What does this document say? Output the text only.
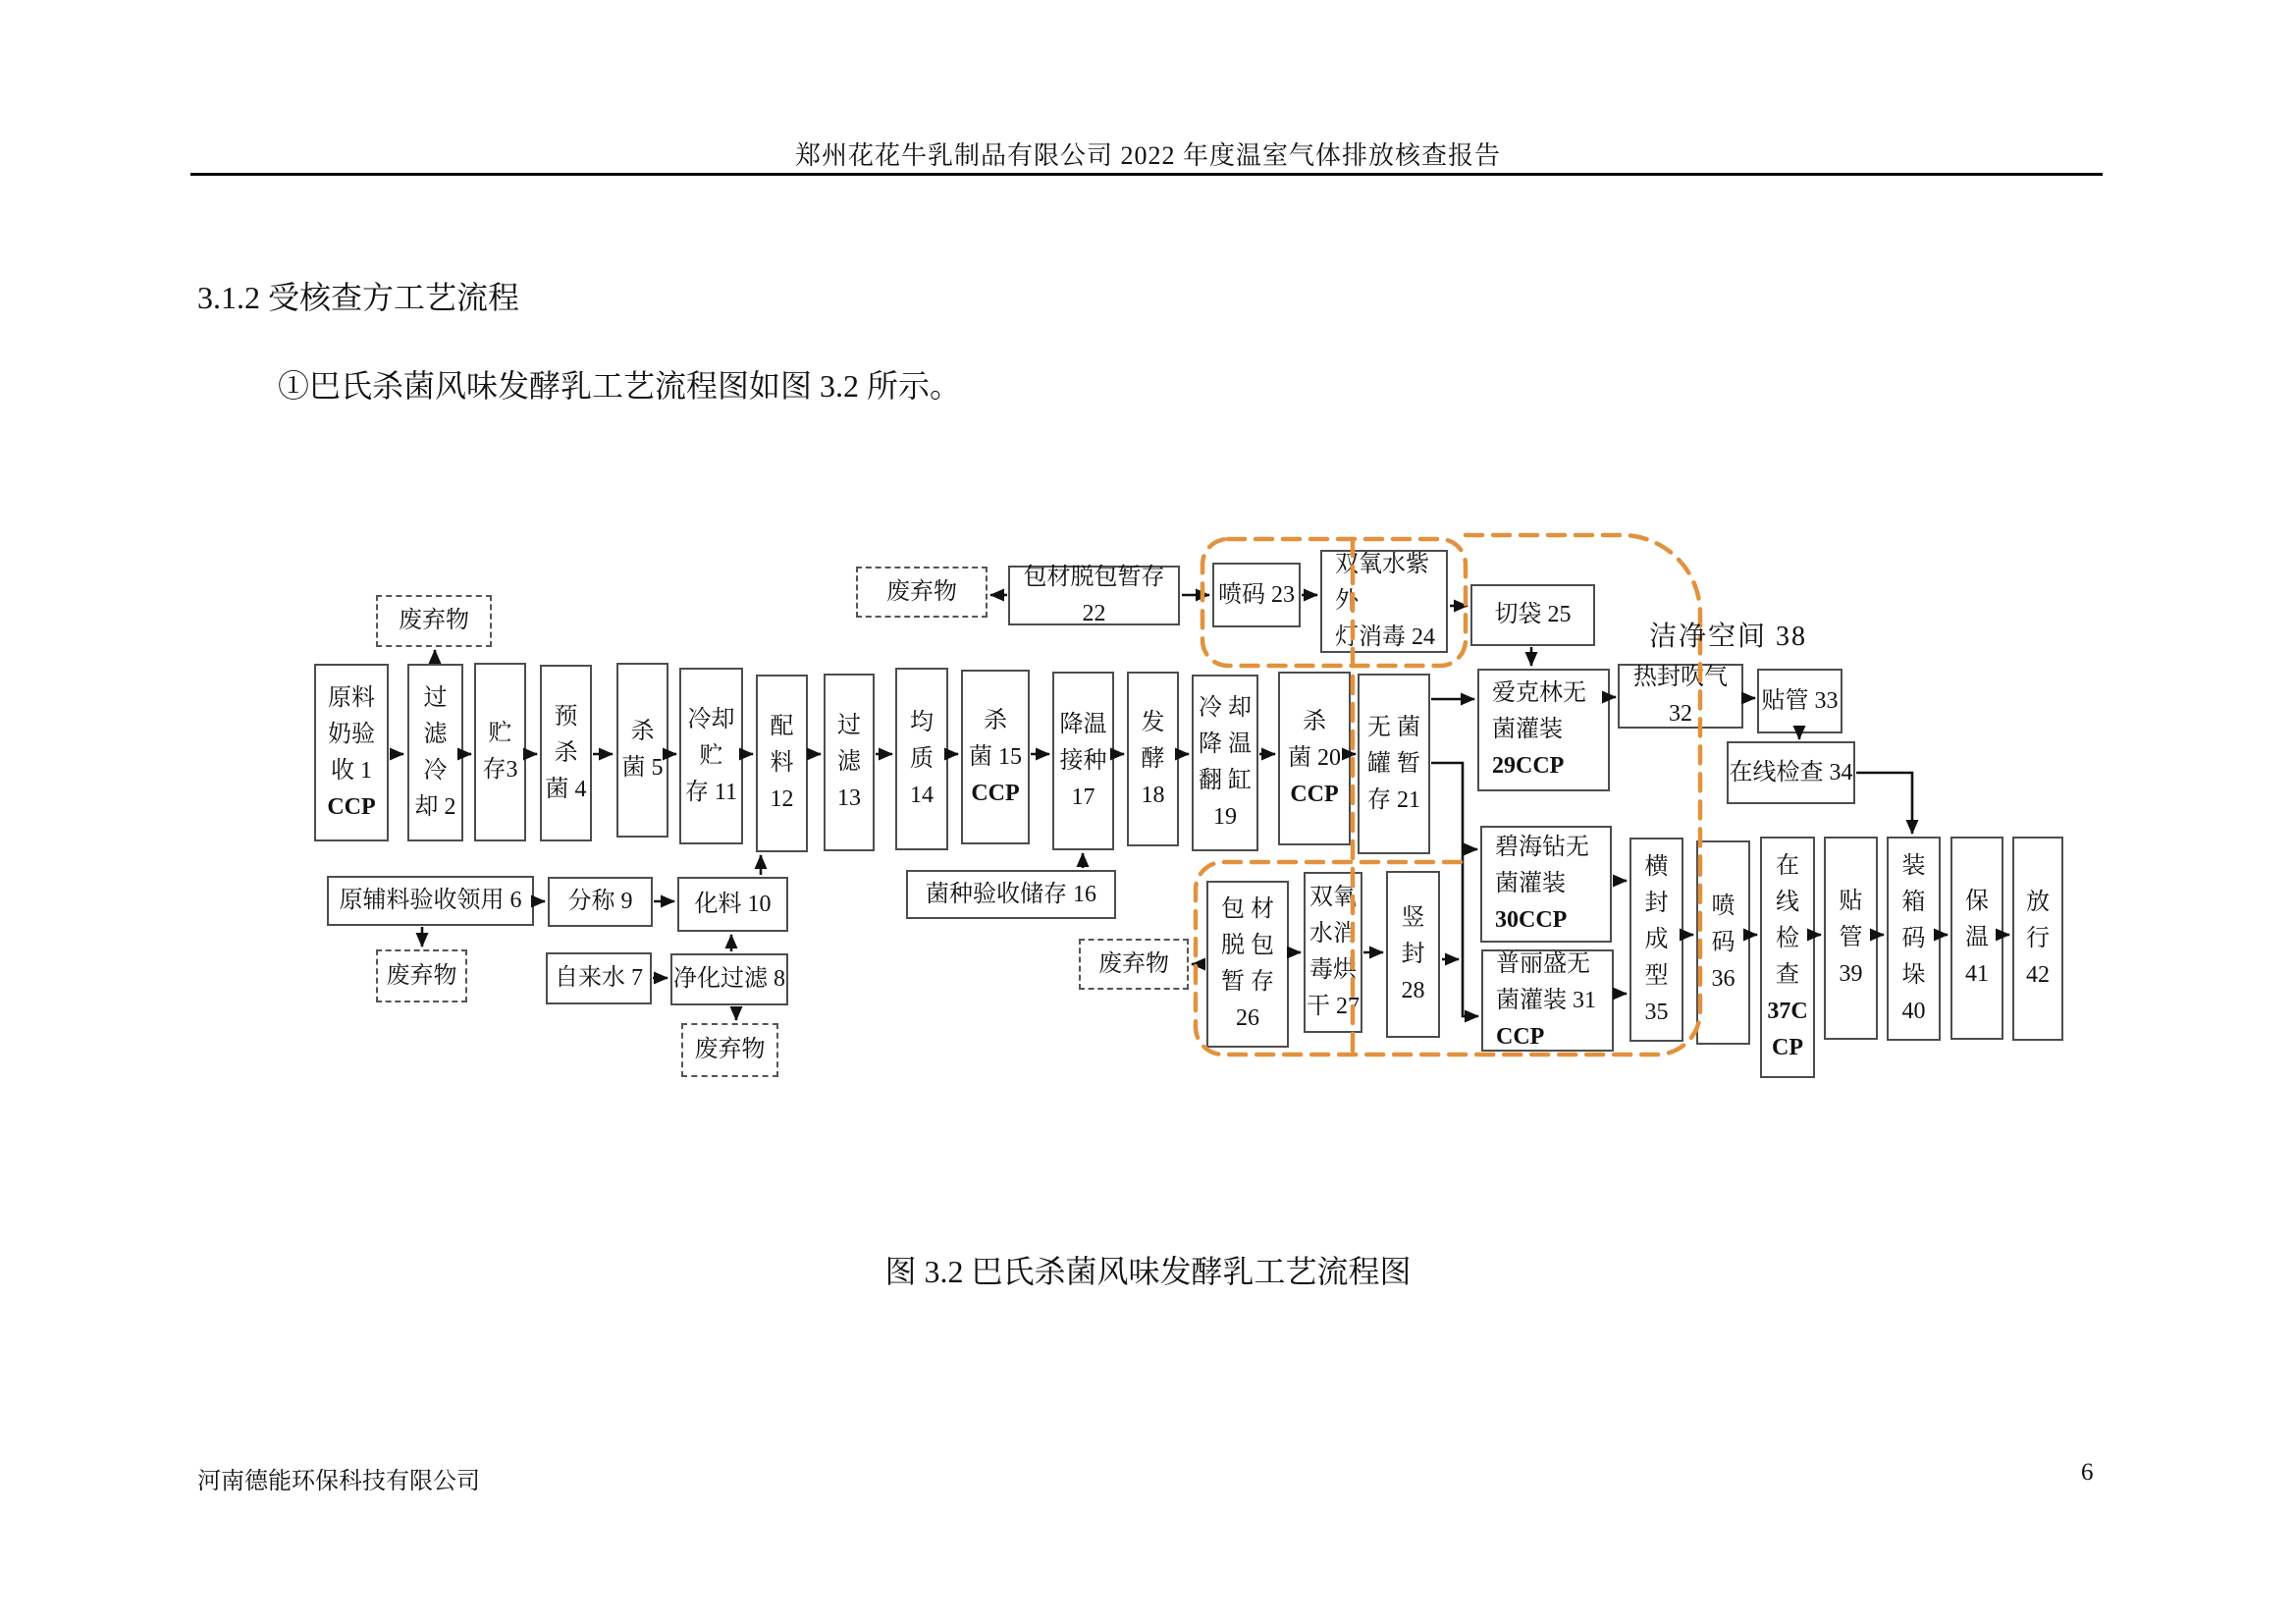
郑州花花牛乳制品有限公司 2022 年度温室气体排放核查报告
3.1.2 受核查方工艺流程
①巴氏杀菌风味发酵乳工艺流程图如图 3.2 所示。
洁净空间 38
原料
奶验
收 1
CCP
过
滤
冷
却 2
贮
存3
预
杀
菌 4
杀
菌 5
冷却
贮
存 11
配
料
12
过
滤
13
均
质
14
杀
菌 15
CCP
降温
接种
17
发
酵
18
冷 却
降 温
翻 缸
19
杀
菌 20
CCP
无 菌
罐 暂
存 21
包材脱包暂存 22
喷码 23
双氧水紫外
灯消毒 24
切袋 25
爱克林无
菌灌装
29CCP
热封吹气 32
贴管 33
在线检查 34
菌种验收储存 16
包 材
脱 包
暂 存
26
双氧
水消
毒烘
干 27
竖
封
28
碧海钻无
菌灌装
30CCP
普丽盛无
菌灌装 31
CCP
横
封
成
型
35
喷
码
36
在
线
检
查
37C
CP
贴
管
39
装
箱
码
垛
40
保
温
41
放
行
42
原辅料验收领用 6 分称 9	化料 10
自来水 7 净化过滤 8
废弃物
废弃物
废弃物
废弃物
废弃物
图 3.2 巴氏杀菌风味发酵乳工艺流程图
河南德能环保科技有限公司	6
